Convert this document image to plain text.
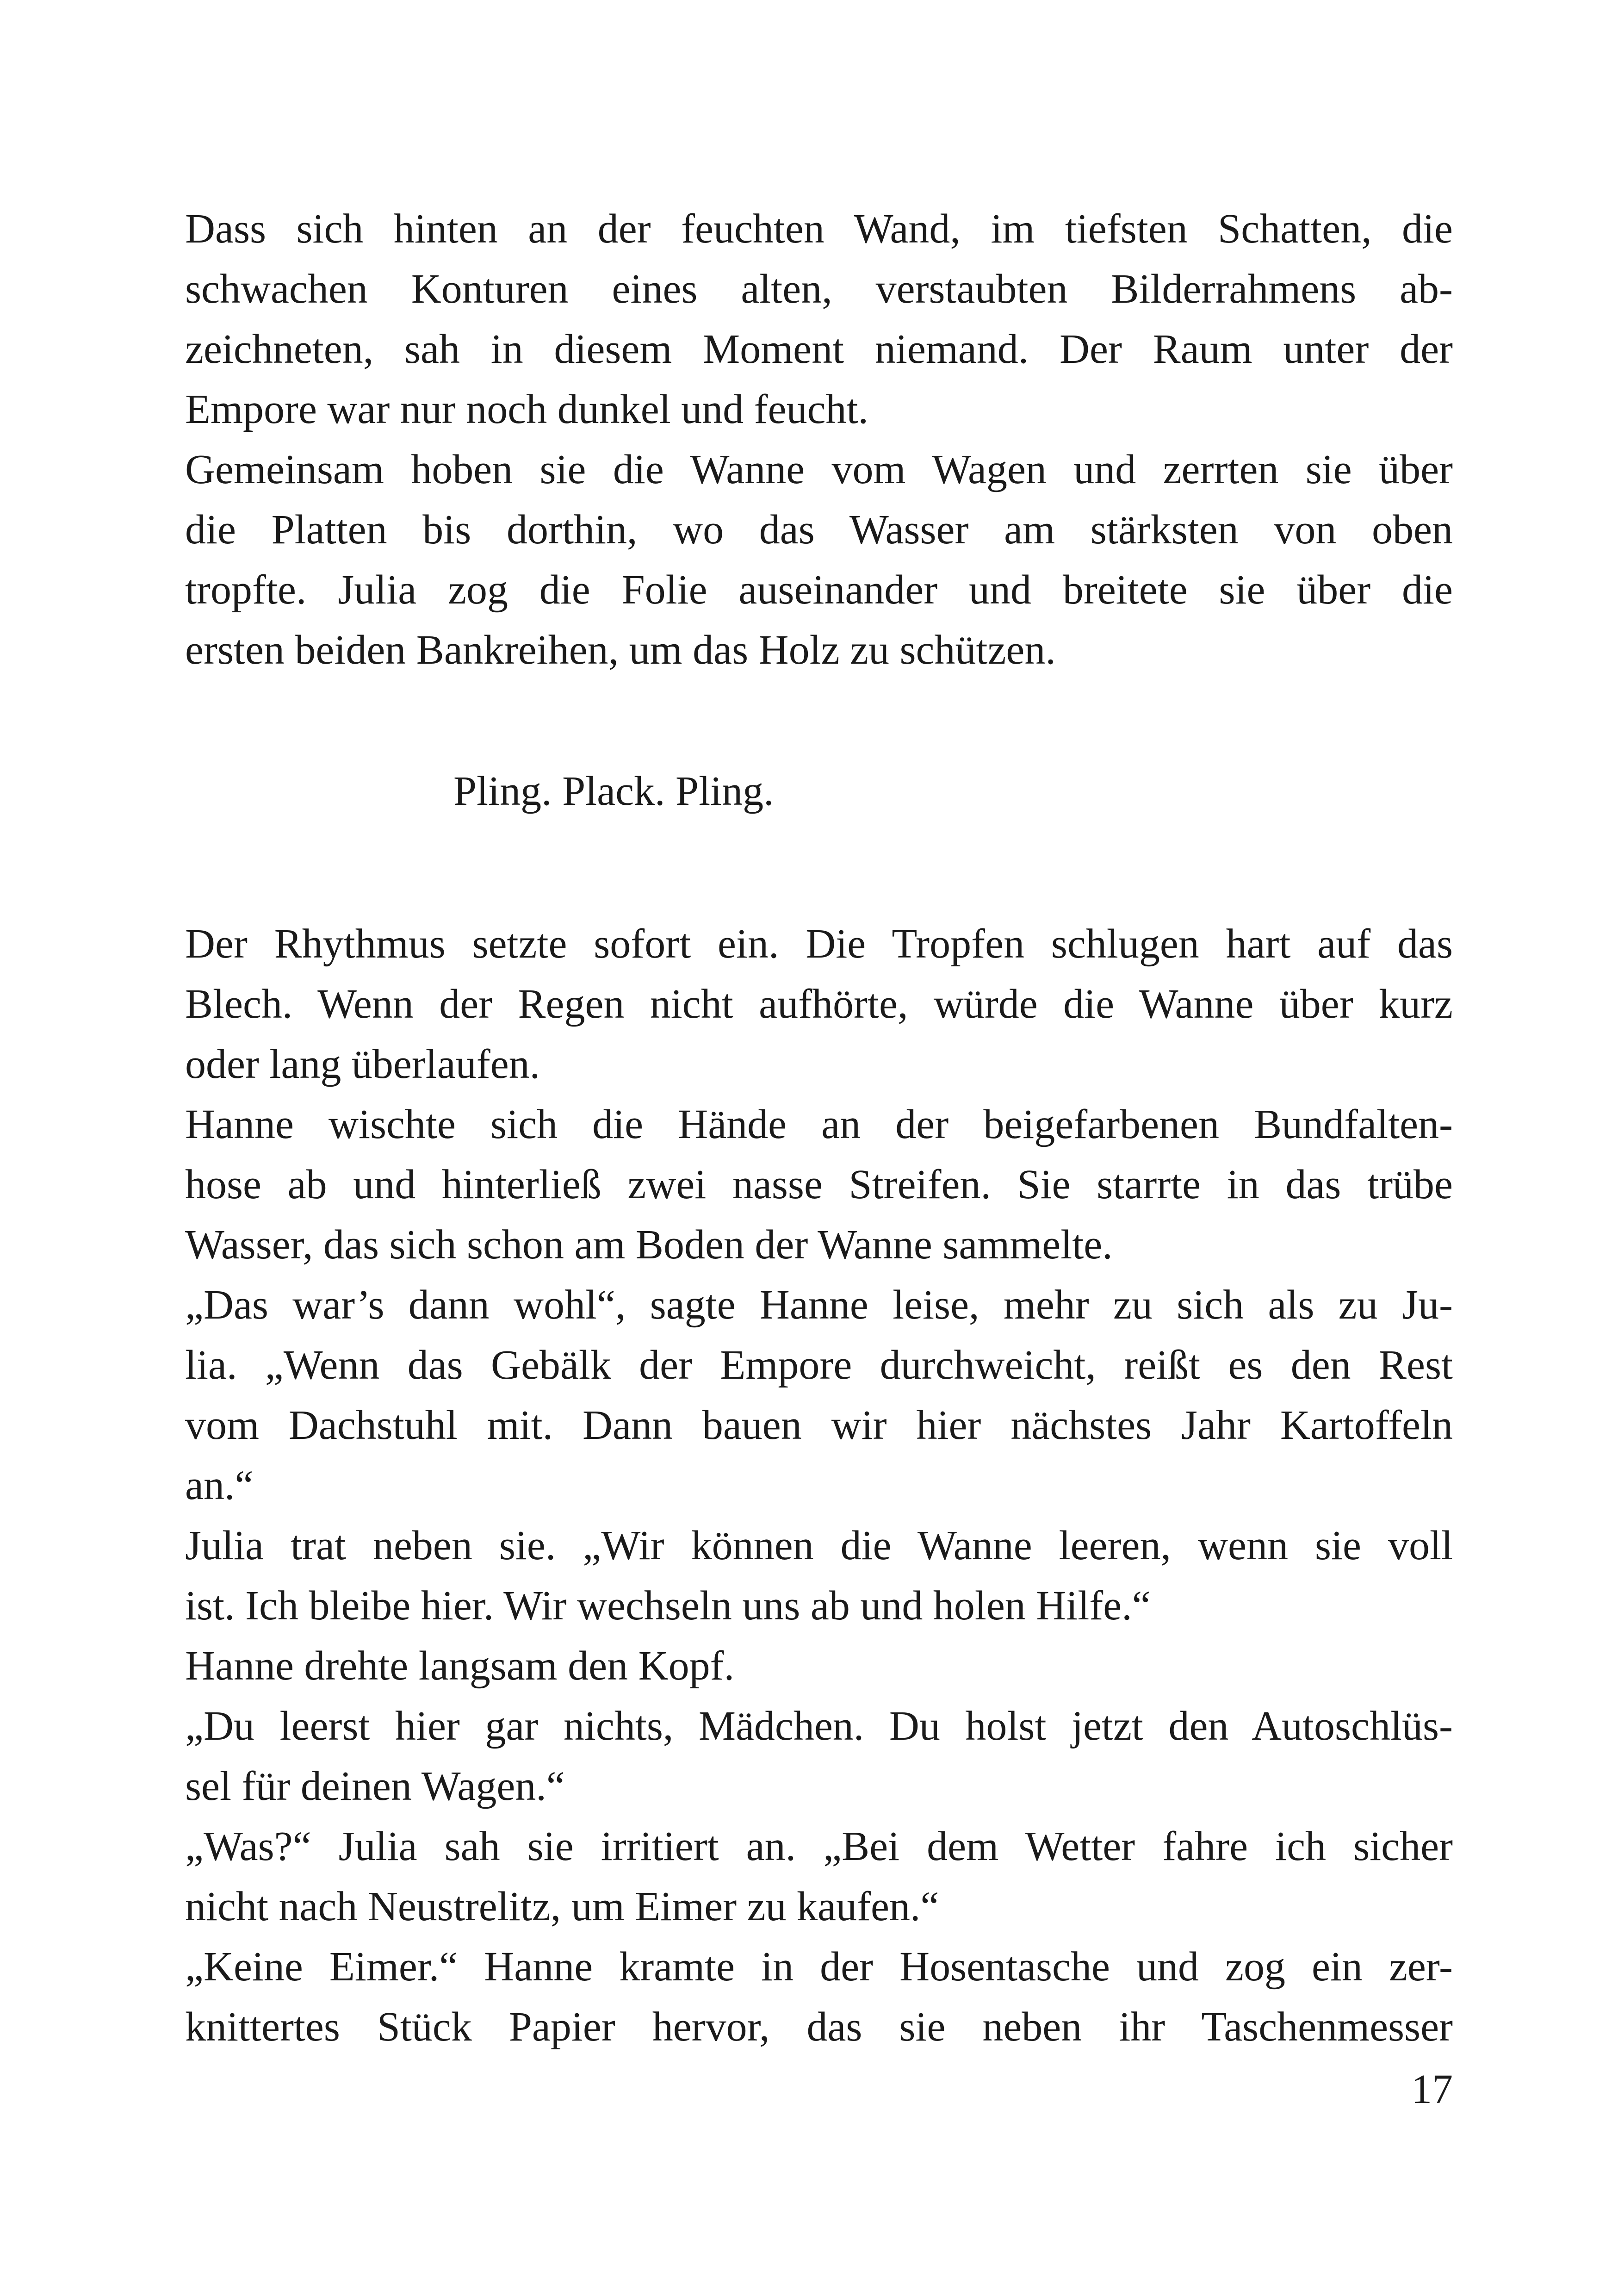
Dass sich hinten an der feuchten Wand, im tiefsten Schatten, die
schwachen Konturen eines alten, verstaubten Bilderrahmens ab-
zeichneten, sah in diesem Moment niemand. Der Raum unter der
Empore war nur noch dunkel und feucht.
Gemeinsam hoben sie die Wanne vom Wagen und zerrten sie über
die Platten bis dorthin, wo das Wasser am stärksten von oben
tropfte. Julia zog die Folie auseinander und breitete sie über die
ersten beiden Bankreihen, um das Holz zu schützen.
Pling. Plack. Pling.
Der Rhythmus setzte sofort ein. Die Tropfen schlugen hart auf das
Blech. Wenn der Regen nicht aufhörte, würde die Wanne über kurz
oder lang überlaufen.
Hanne wischte sich die Hände an der beigefarbenen Bundfalten-
hose ab und hinterließ zwei nasse Streifen. Sie starrte in das trübe
Wasser, das sich schon am Boden der Wanne sammelte.
„Das war’s dann wohl“, sagte Hanne leise, mehr zu sich als zu Ju-
lia. „Wenn das Gebälk der Empore durchweicht, reißt es den Rest
vom Dachstuhl mit. Dann bauen wir hier nächstes Jahr Kartoffeln
an.“
Julia trat neben sie. „Wir können die Wanne leeren, wenn sie voll
ist. Ich bleibe hier. Wir wechseln uns ab und holen Hilfe.“
Hanne drehte langsam den Kopf.
„Du leerst hier gar nichts, Mädchen. Du holst jetzt den Autoschlüs-
sel für deinen Wagen.“
„Was?“ Julia sah sie irritiert an. „Bei dem Wetter fahre ich sicher
nicht nach Neustrelitz, um Eimer zu kaufen.“
„Keine Eimer.“ Hanne kramte in der Hosentasche und zog ein zer-
knittertes Stück Papier hervor, das sie neben ihr Taschenmesser
17
